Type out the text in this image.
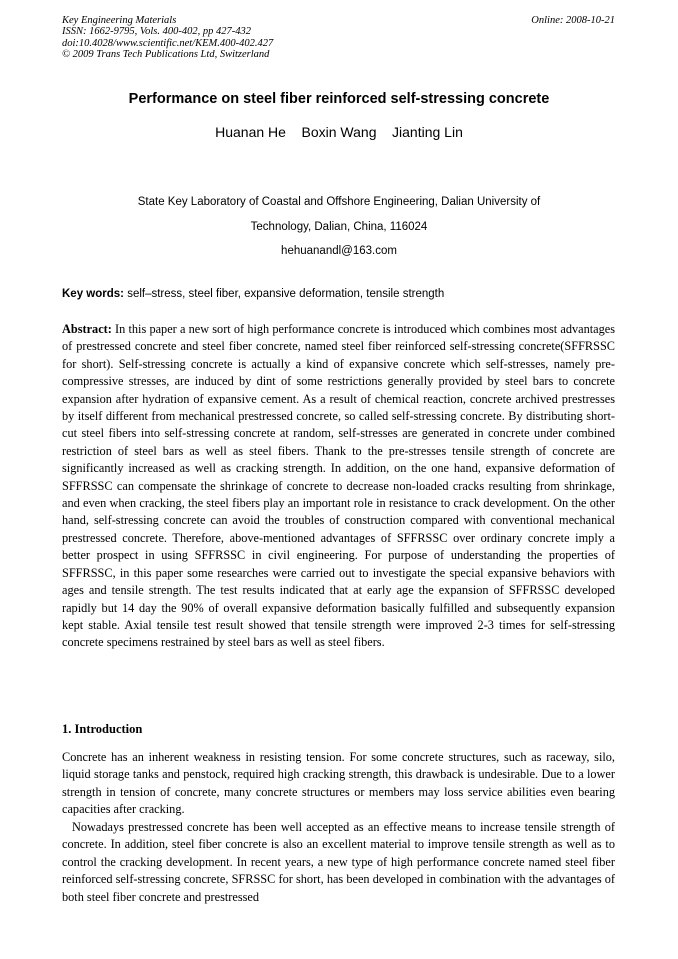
Key Engineering Materials
ISSN: 1662-9795, Vols. 400-402, pp 427-432
doi:10.4028/www.scientific.net/KEM.400-402.427
© 2009 Trans Tech Publications Ltd, Switzerland
Online: 2008-10-21
Performance on steel fiber reinforced self-stressing concrete
Huanan He    Boxin Wang    Jianting Lin
State Key Laboratory of Coastal and Offshore Engineering, Dalian University of
Technology, Dalian, China, 116024
hehuanandl@163.com
Key words: self–stress, steel fiber, expansive deformation, tensile strength

Abstract: In this paper a new sort of high performance concrete is introduced which combines most advantages of prestressed concrete and steel fiber concrete, named steel fiber reinforced self-stressing concrete(SFFRSSC for short). Self-stressing concrete is actually a kind of expansive concrete which self-stresses, namely pre-compressive stresses, are induced by dint of some restrictions generally provided by steel bars to concrete expansion after hydration of expansive cement. As a result of chemical reaction, concrete archived prestresses by itself different from mechanical prestressed concrete, so called self-stressing concrete. By distributing short-cut steel fibers into self-stressing concrete at random, self-stresses are generated in concrete under combined restriction of steel bars as well as steel fibers. Thank to the pre-stresses tensile strength of concrete are significantly increased as well as cracking strength. In addition, on the one hand, expansive deformation of SFFRSSC can compensate the shrinkage of concrete to decrease non-loaded cracks resulting from shrinkage, and even when cracking, the steel fibers play an important role in resistance to crack development. On the other hand, self-stressing concrete can avoid the troubles of construction compared with conventional mechanical prestressed concrete. Therefore, above-mentioned advantages of SFFRSSC over ordinary concrete imply a better prospect in using SFFRSSC in civil engineering. For purpose of understanding the properties of SFFRSSC, in this paper some researches were carried out to investigate the special expansive behaviors with ages and tensile strength. The test results indicated that at early age the expansion of SFFRSSC developed rapidly but 14 day the 90% of overall expansive deformation basically fulfilled and subsequently expansion kept stable. Axial tensile test result showed that tensile strength were improved 2-3 times for self-stressing concrete specimens restrained by steel bars as well as steel fibers.

1. Introduction

Concrete has an inherent weakness in resisting tension. For some concrete structures, such as raceway, silo, liquid storage tanks and penstock, required high cracking strength, this drawback is undesirable. Due to a lower strength in tension of concrete, many concrete structures or members may loss service abilities even bearing capacities after cracking.

Nowadays prestressed concrete has been well accepted as an effective means to increase tensile strength of concrete. In addition, steel fiber concrete is also an excellent material to improve tensile strength as well as to control the cracking development. In recent years, a new type of high performance concrete named steel fiber reinforced self-stressing concrete, SFRSSC for short, has been developed in combination with the advantages of both steel fiber concrete and prestressed
